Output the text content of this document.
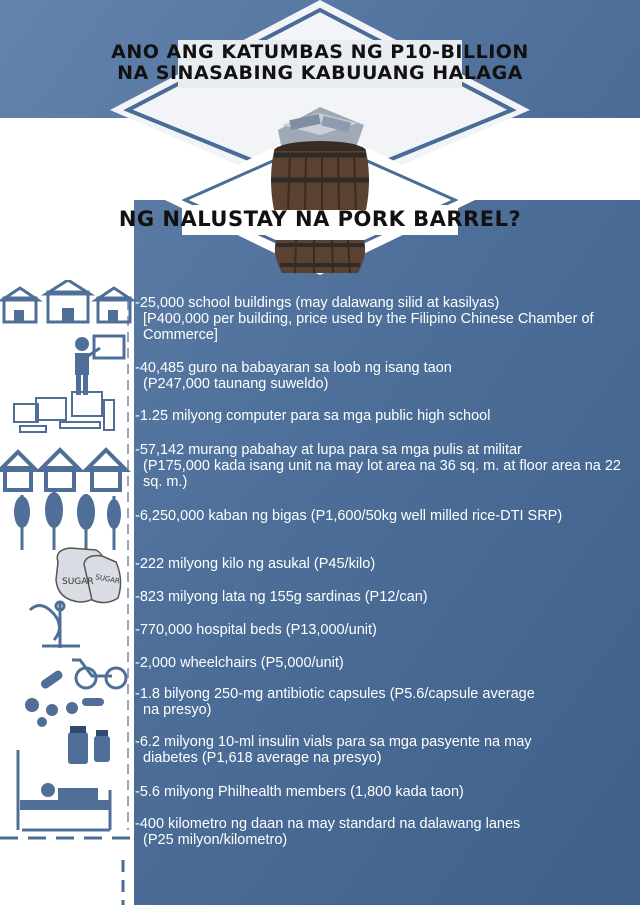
ANO ANG KATUMBAS NG P10-BILLION
NA SINASABING KABUUANG HALAGA
NG NALUSTAY NA PORK BARREL?
SUGAR SUGAR
-25,000 school buildings (may dalawang silid at kasilyas)
[P400,000 per building, price used by the Filipino Chinese Chamber of Commerce]
-40,485 guro na babayaran sa loob ng isang taon
(P247,000 taunang suweldo)
-1.25 milyong computer para sa mga public high school
-57,142 murang pabahay at lupa para sa mga pulis at militar
(P175,000 kada isang unit na may lot area na 36 sq. m. at floor area na 22 sq. m.)
-6,250,000 kaban ng bigas (P1,600/50kg well milled rice-DTI SRP)
-222 milyong kilo ng asukal (P45/kilo)
-823 milyong lata ng 155g sardinas (P12/can)
-770,000 hospital beds (P13,000/unit)
-2,000 wheelchairs (P5,000/unit)
-1.8 bilyong 250-mg antibiotic capsules (P5.6/capsule average
na presyo)
-6.2 milyong 10-ml insulin vials para sa mga pasyente na may
diabetes (P1,618 average na presyo)
-5.6 milyong Philhealth members (1,800 kada taon)
-400 kilometro ng daan na may standard na dalawang lanes
(P25 milyon/kilometro)
